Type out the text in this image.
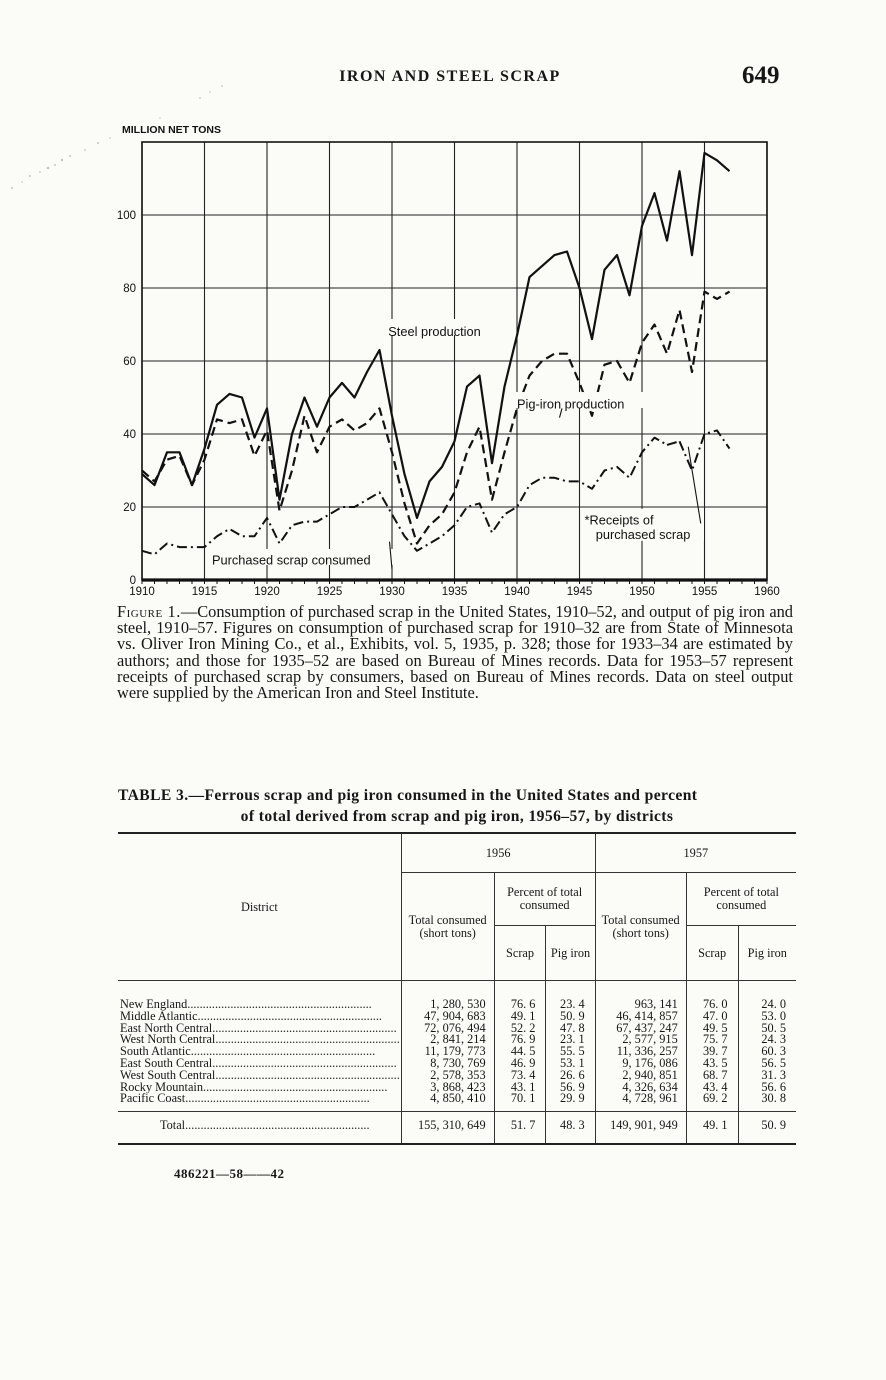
IRON AND STEEL SCRAP	649
1910	1915	1920	1925	1930	1935	1940	1945	1950	1955	1960
0
20
40
60
80
100
Steel production
Pig-iron production
Purchased scrap consumed
*Receipts of
purchased scrap
MILLION NET TONS
Figure 1.—Consumption of purchased scrap in the United States, 1910–52, and output of pig iron and steel, 1910–57. Figures on consumption of purchased scrap for 1910–32 are from State of Minnesota vs. Oliver Iron Mining Co., et al., Exhibits, vol. 5, 1935, p. 328; those for 1933–34 are estimated by authors; and those for 1935–52 are based on Bureau of Mines records. Data for 1953–57 represent receipts of purchased scrap by consumers, based on Bureau of Mines records. Data on steel output were supplied by the American Iron and Steel Institute.
TABLE 3.—Ferrous scrap and pig iron consumed in the United States and percent
of total derived from scrap and pig iron, 1956–57, by districts
District	1956			1957		
	Total consumed (short tons)	Percent of total consumed		Total consumed (short tons)	Percent of total consumed	
		Scrap	Pig iron		Scrap	Pig iron
New England............................................................	1, 280, 530	76. 6	23. 4	963, 141	76. 0	24. 0
Middle Atlantic............................................................	47, 904, 683	49. 1	50. 9	46, 414, 857	47. 0	53. 0
East North Central............................................................	72, 076, 494	52. 2	47. 8	67, 437, 247	49. 5	50. 5
West North Central............................................................	2, 841, 214	76. 9	23. 1	2, 577, 915	75. 7	24. 3
South Atlantic............................................................	11, 179, 773	44. 5	55. 5	11, 336, 257	39. 7	60. 3
East South Central............................................................	8, 730, 769	46. 9	53. 1	9, 176, 086	43. 5	56. 5
West South Central............................................................	2, 578, 353	73. 4	26. 6	2, 940, 851	68. 7	31. 3
Rocky Mountain............................................................	3, 868, 423	43. 1	56. 9	4, 326, 634	43. 4	56. 6
Pacific Coast............................................................	4, 850, 410	70. 1	29. 9	4, 728, 961	69. 2	30. 8
Total............................................................	155, 310, 649	51. 7	48. 3	149, 901, 949	49. 1	50. 9
486221—58——42
